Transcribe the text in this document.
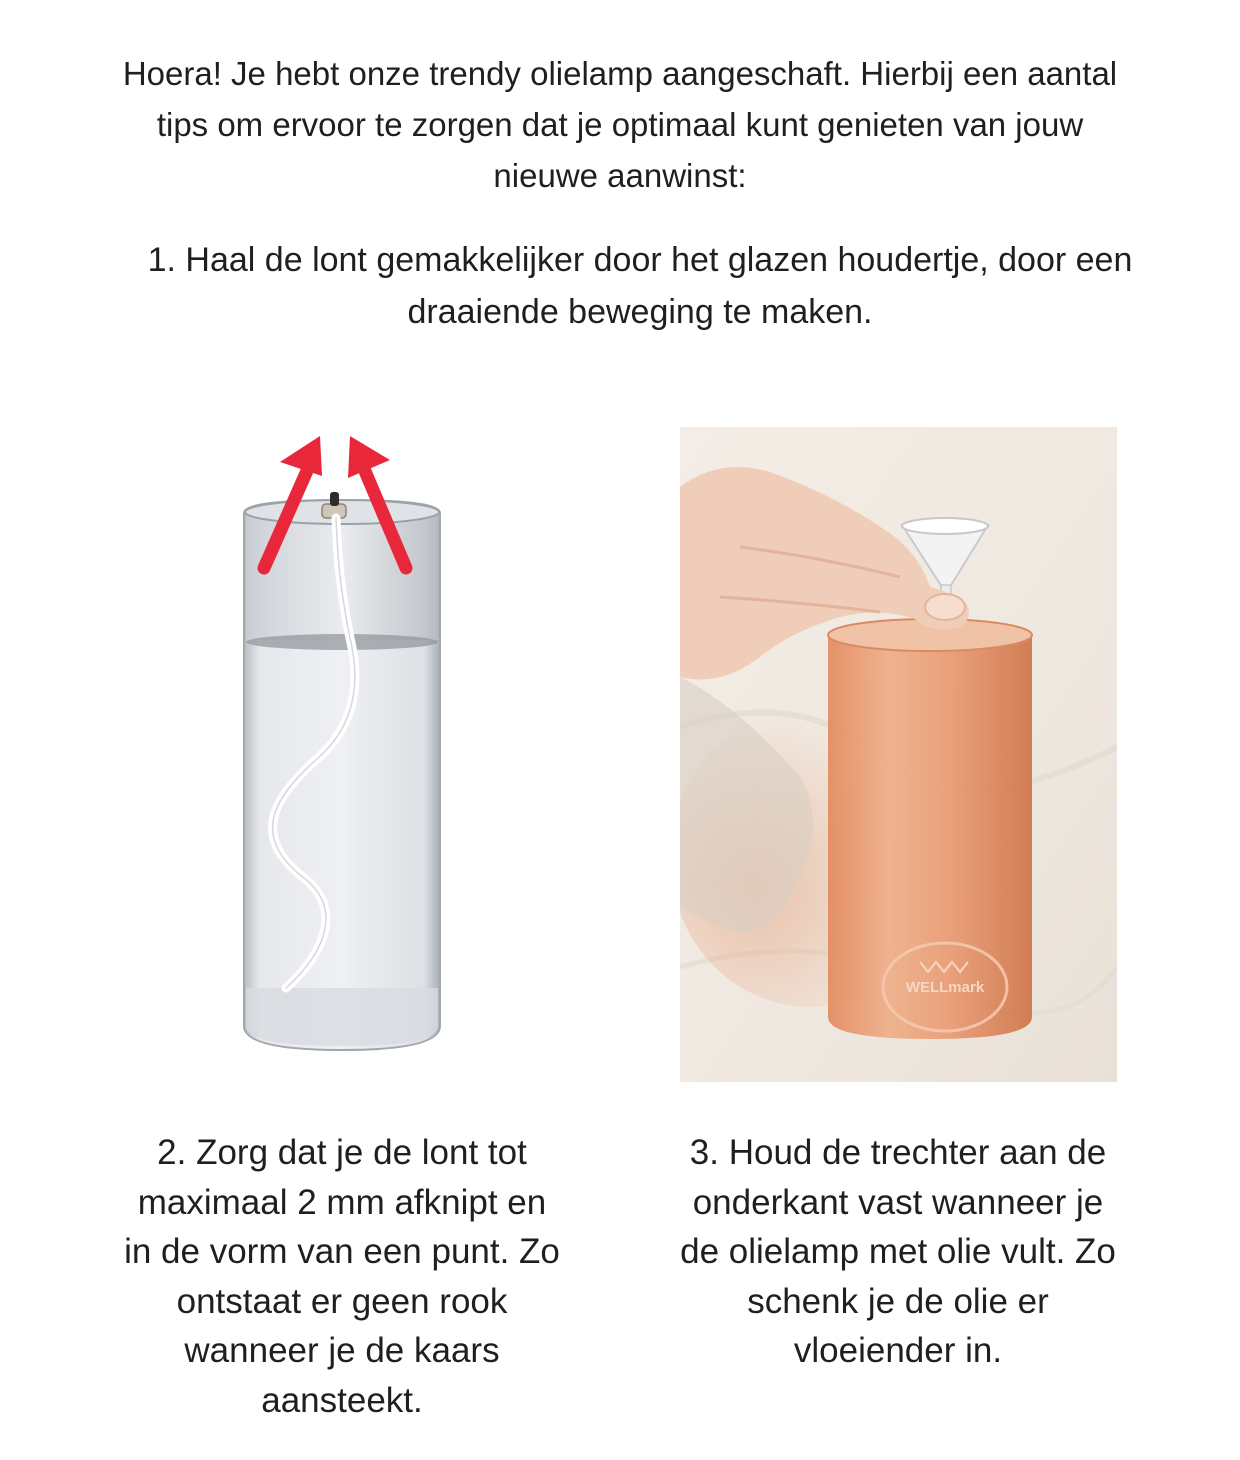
Hoera! Je hebt onze trendy olielamp aangeschaft. Hierbij een aantal tips om ervoor te zorgen dat je optimaal kunt genieten van jouw nieuwe aanwinst:

1. Haal de lont gemakkelijker door het glazen houdertje, door een draaiende beweging te maken.

WELLmark

2. Zorg dat je de lont tot maximaal 2 mm afknipt en in de vorm van een punt. Zo ontstaat er geen rook wanneer je de kaars aansteekt.

3. Houd de trechter aan de onderkant vast wanneer je de olielamp met olie vult. Zo schenk je de olie er vloeiender in.
